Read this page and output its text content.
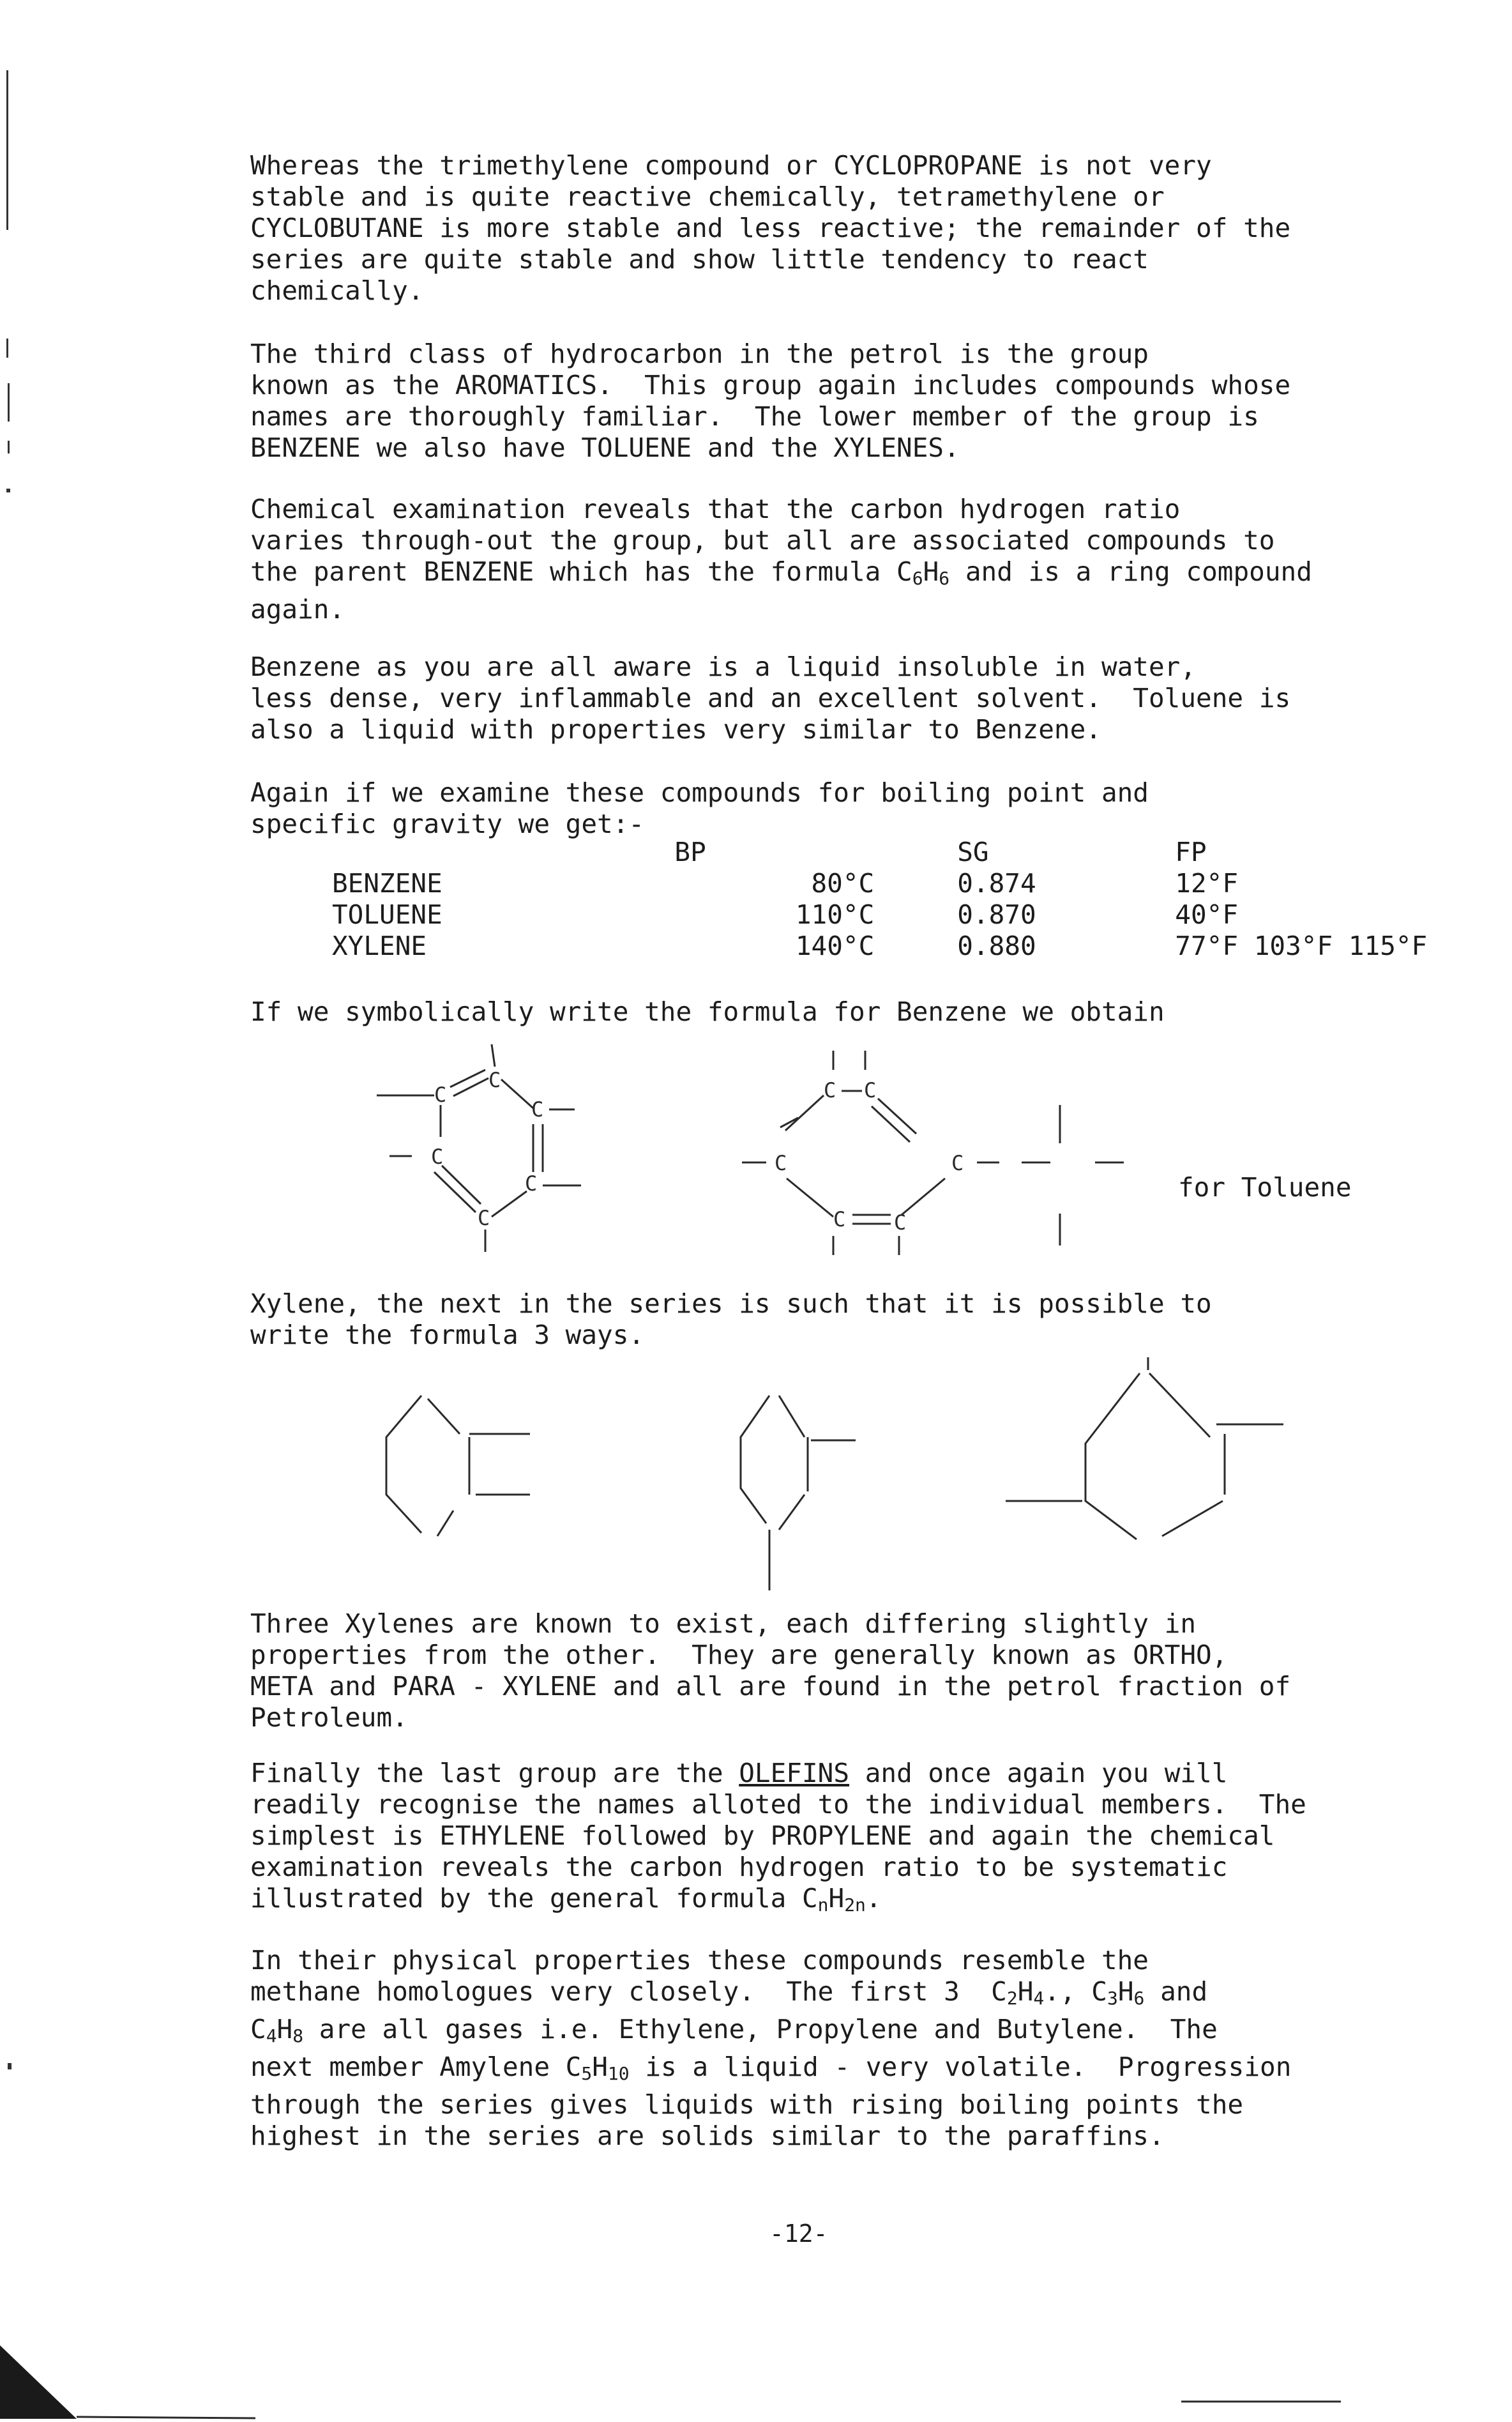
Whereas the trimethylene compound or CYCLOPROPANE is not very
stable and is quite reactive chemically, tetramethylene or
CYCLOBUTANE is more stable and less reactive; the remainder of the
series are quite stable and show little tendency to react
chemically.

The third class of hydrocarbon in the petrol is the group
known as the AROMATICS.  This group again includes compounds whose
names are thoroughly familiar.  The lower member of the group is
BENZENE we also have TOLUENE and the XYLENES.

Chemical examination reveals that the carbon hydrogen ratio
varies through-out the group, but all are associated compounds to
the parent BENZENE which has the formula $C_6H_6$ and is a ring compound
again.

Benzene as you are all aware is a liquid insoluble in water,
less dense, very inflammable and an excellent solvent.  Toluene is
also a liquid with properties very similar to Benzene.

Again if we examine these compounds for boiling point and
specific gravity we get:-

	BP	SG	FP
BENZENE	80°C	0.874	12°F
TOLUENE	110°C	0.870	40°F
XYLENE	140°C	0.880	77°F 103°F 115°F

If we symbolically write the formula for Benzene we obtain

C
C
C
C
C
C
C C
C	C
C C
for Toluene

Xylene, the next in the series is such that it is possible to
write the formula 3 ways.

Three Xylenes are known to exist, each differing slightly in
properties from the other.  They are generally known as ORTHO,
META and PARA - XYLENE and all are found in the petrol fraction of
Petroleum.

Finally the last group are the OLEFINS and once again you will
readily recognise the names alloted to the individual members.  The
simplest is ETHYLENE followed by PROPYLENE and again the chemical
examination reveals the carbon hydrogen ratio to be systematic
illustrated by the general formula $C_nH_{2n}$.

In their physical properties these compounds resemble the
methane homologues very closely.  The first 3  $C_2H_4$., $C_3H_6$ and
$C_4H_8$ are all gases i.e. Ethylene, Propylene and Butylene.  The
next member Amylene $C_5H_{10}$ is a liquid - very volatile.  Progression
through the series gives liquids with rising boiling points the
highest in the series are solids similar to the paraffins.

-12-
